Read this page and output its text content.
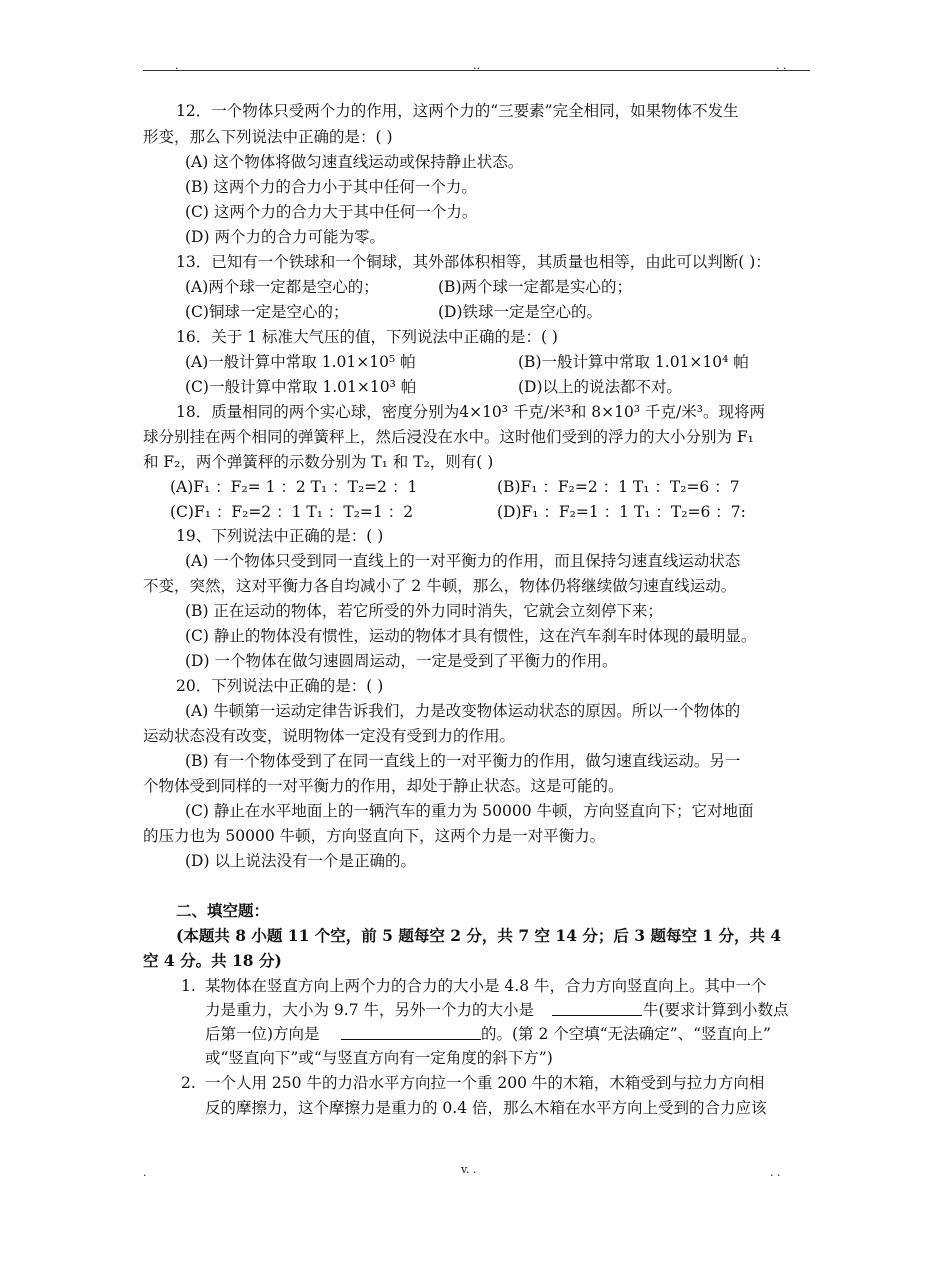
.	..	. .
12．一个物体只受两个力的作用，这两个力的“三要素”完全相同，如果物体不发生
形变，那么下列说法中正确的是：( )
(A) 这个物体将做匀速直线运动或保持静止状态。
(B) 这两个力的合力小于其中任何一个力。
(C) 这两个力的合力大于其中任何一个力。
(D) 两个力的合力可能为零。
13．已知有一个铁球和一个铜球，其外部体积相等，其质量也相等，由此可以判断( )：
(A)两个球一定都是空心的；	(B)两个球一定都是实心的；
(C)铜球一定是空心的；	(D)铁球一定是空心的。
16．关于 1 标准大气压的值，下列说法中正确的是：( )
(A)一般计算中常取 1.01×10⁵ 帕	(B)一般计算中常取 1.01×10⁴ 帕
(C)一般计算中常取 1.01×10³ 帕	(D)以上的说法都不对。
18．质量相同的两个实心球，密度分别为4×10³ 千克/米³和 8×10³ 千克/米³。现将两
球分别挂在两个相同的弹簧秤上，然后浸没在水中。这时他们受到的浮力的大小分别为 F₁
和 F₂，两个弹簧秤的示数分别为 T₁ 和 T₂，则有( )
(A)F₁ ：F₂= 1 ：2 T₁ ：T₂=2 ：1	(B)F₁ ：F₂=2 ：1 T₁ ：T₂=6 ：7
(C)F₁ ：F₂=2 ：1 T₁ ：T₂=1 ：2	(D)F₁ ：F₂=1 ：1 T₁ ：T₂=6 ：7:
19、下列说法中正确的是：( )
(A) 一个物体只受到同一直线上的一对平衡力的作用，而且保持匀速直线运动状态
不变，突然，这对平衡力各自均减小了 2 牛顿，那么，物体仍将继续做匀速直线运动。
(B) 正在运动的物体，若它所受的外力同时消失，它就会立刻停下来；
(C) 静止的物体没有惯性，运动的物体才具有惯性，这在汽车刹车时体现的最明显。
(D) 一个物体在做匀速圆周运动，一定是受到了平衡力的作用。
20．下列说法中正确的是：( )
(A) 牛顿第一运动定律告诉我们，力是改变物体运动状态的原因。所以一个物体的
运动状态没有改变，说明物体一定没有受到力的作用。
(B) 有一个物体受到了在同一直线上的一对平衡力的作用，做匀速直线运动。另一
个物体受到同样的一对平衡力的作用，却处于静止状态。这是可能的。
(C) 静止在水平地面上的一辆汽车的重力为 50000 牛顿，方向竖直向下；它对地面
的压力也为 50000 牛顿，方向竖直向下，这两个力是一对平衡力。
(D) 以上说法没有一个是正确的。
二、填空题：
(本题共 8 小题 11 个空，前 5 题每空 2 分，共 7 空 14 分；后 3 题每空 1 分，共 4
空 4 分。共 18 分)
1. 某物体在竖直方向上两个力的合力的大小是 4.8 牛，合力方向竖直向上。其中一个
力是重力，大小为 9.7 牛，另外一个力的大小是	牛(要求计算到小数点
后第一位)方向是	的。(第 2 个空填“无法确定”、“竖直向上”
或“竖直向下”或“与竖直方向有一定角度的斜下方”)
2. 一个人用 250 牛的力沿水平方向拉一个重 200 牛的木箱，木箱受到与拉力方向相
反的摩擦力，这个摩擦力是重力的 0.4 倍，那么木箱在水平方向上受到的合力应该
.	v. .	. .
